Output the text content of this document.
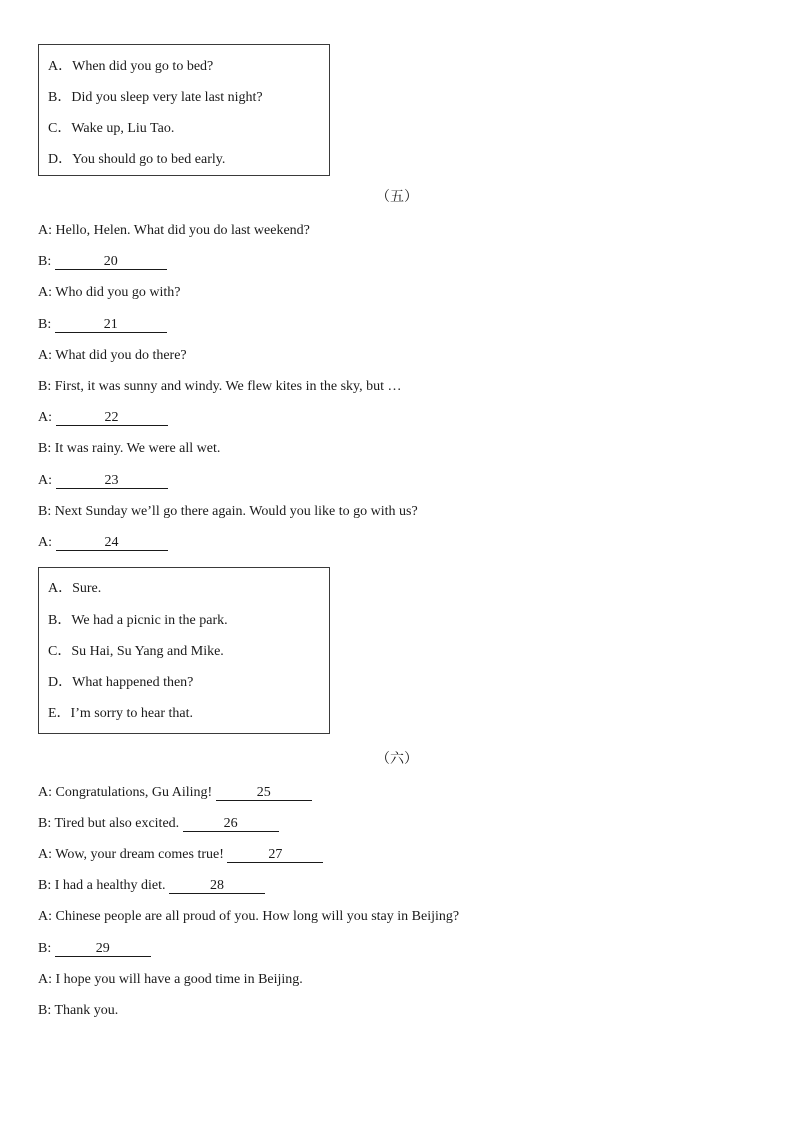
A．When did you go to bed?
B．Did you sleep very late last night?
C．Wake up, Liu Tao.
D．You should go to bed early.
（五）
A: Hello, Helen. What did you do last weekend?
B:	20
A: Who did you go with?
B:	21
A: What did you do there?
B: First, it was sunny and windy. We flew kites in the sky, but …
A:	22
B: It was rainy. We were all wet.
A:	23
B: Next Sunday we’ll go there again. Would you like to go with us?
A:	24
A．Sure.
B．We had a picnic in the park.
C．Su Hai, Su Yang and Mike.
D．What happened then?
E．I’m sorry to hear that.
（六）
A: Congratulations, Gu Ailing!	25
B: Tired but also excited.	26
A: Wow, your dream comes true!	27
B: I had a healthy diet.	28
A: Chinese people are all proud of you. How long will you stay in Beijing?
B:	29
A: I hope you will have a good time in Beijing.
B: Thank you.
